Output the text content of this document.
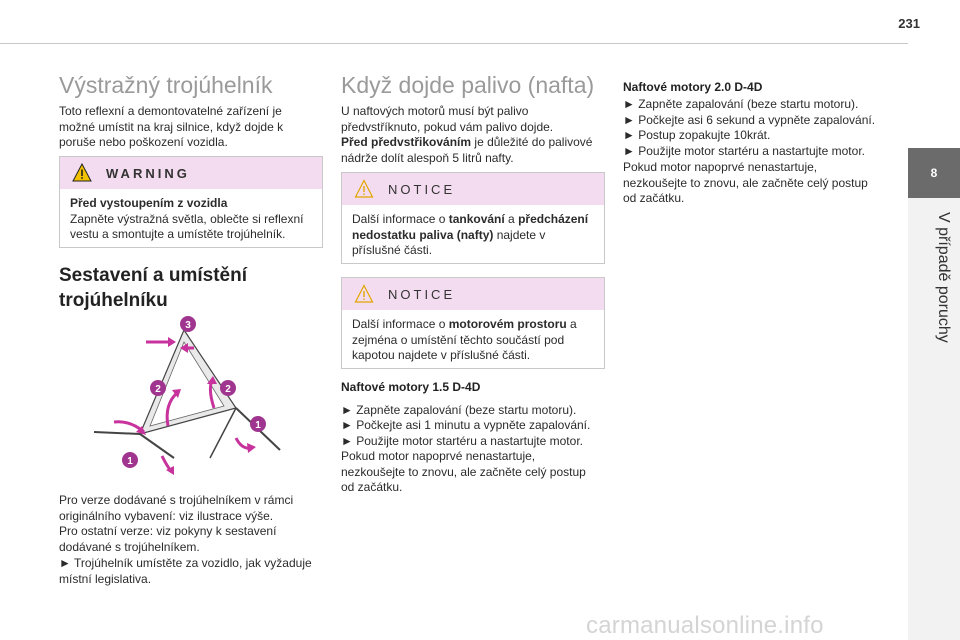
231
8
V případě poruchy
Výstražný trojúhelník

Toto reflexní a demontovatelné zařízení je možné umístit na kraj silnice, když dojde k poruše nebo poškození vozidla.

WARNING
Před vystoupením z vozidla
Zapněte výstražná světla, oblečte si reflexní vestu a smontujte a umístěte trojúhelník.
Sestavení a umístění trojúhelníku
3
2	2
1
1

Pro verze dodávané s trojúhelníkem v rámci originálního vybavení: viz ilustrace výše.

Pro ostatní verze: viz pokyny k sestavení dodávané s trojúhelníkem.

► Trojúhelník umístěte za vozidlo, jak vyžaduje místní legislativa.

Když dojde palivo (nafta)

U naftových motorů musí být palivo předvstříknuto, pokud vám palivo dojde.

Před předvstřikováním je důležité do palivové nádrže dolít alespoň 5 litrů nafty.

NOTICE
Další informace o tankování a předcházení nedostatku paliva (nafty) najdete v příslušné části.
NOTICE
Další informace o motorovém prostoru a zejména o umístění těchto součástí pod kapotou najdete v příslušné části.
Naftové motory 1.5 D-4D

► Zapněte zapalování (beze startu motoru).

► Počkejte asi 1 minutu a vypněte zapalování.

► Použijte motor startéru a nastartujte motor.

Pokud motor napoprvé nenastartuje, nezkoušejte to znovu, ale začněte celý postup od začátku.

Naftové motory 2.0 D-4D

► Zapněte zapalování (beze startu motoru).

► Počkejte asi 6 sekund a vypněte zapalování.

► Postup zopakujte 10krát.

► Použijte motor startéru a nastartujte motor.

Pokud motor napoprvé nenastartuje, nezkoušejte to znovu, ale začněte celý postup od začátku.

carmanualsonline.info
